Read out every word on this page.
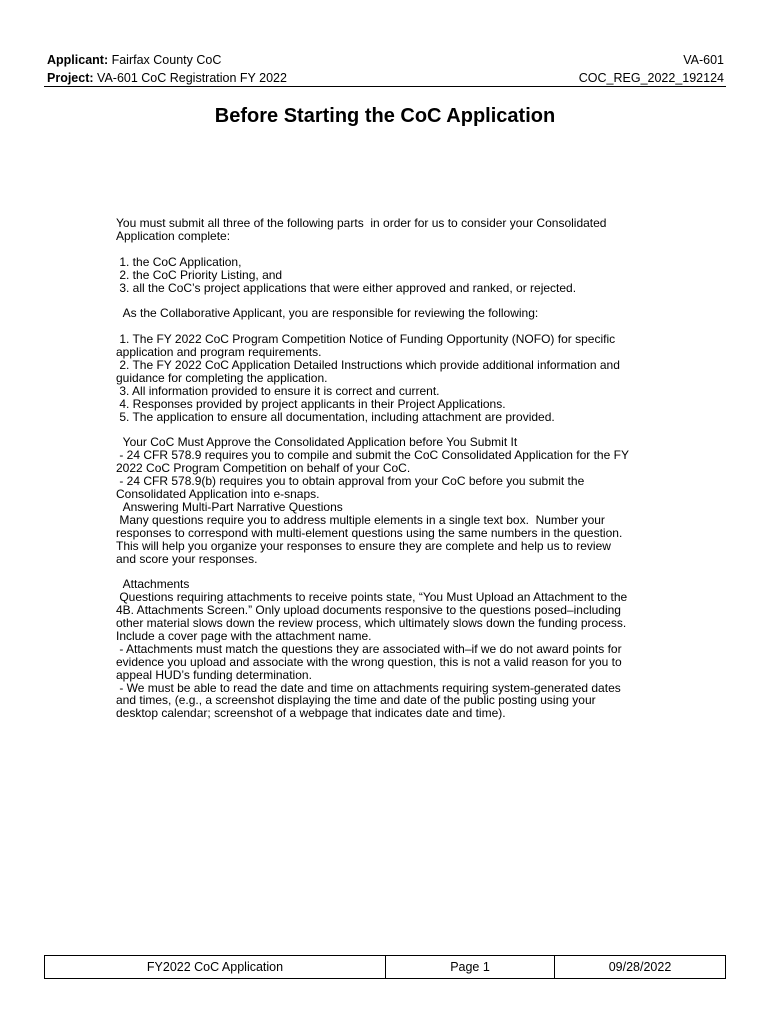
Applicant: Fairfax County CoC
Project: VA-601 CoC Registration FY 2022
VA-601
COC_REG_2022_192124
Before Starting the CoC Application

You must submit all three of the following parts  in order for us to consider your Consolidated
Application complete:

1. the CoC Application,
2. the CoC Priority Listing, and
3. all the CoC’s project applications that were either approved and ranked, or rejected.

As the Collaborative Applicant, you are responsible for reviewing the following:

1. The FY 2022 CoC Program Competition Notice of Funding Opportunity (NOFO) for specific
application and program requirements.
2. The FY 2022 CoC Application Detailed Instructions which provide additional information and
guidance for completing the application.
3. All information provided to ensure it is correct and current.
4. Responses provided by project applicants in their Project Applications.
5. The application to ensure all documentation, including attachment are provided.

Your CoC Must Approve the Consolidated Application before You Submit It
- 24 CFR 578.9 requires you to compile and submit the CoC Consolidated Application for the FY
2022 CoC Program Competition on behalf of your CoC.
- 24 CFR 578.9(b) requires you to obtain approval from your CoC before you submit the
Consolidated Application into e-snaps.
Answering Multi-Part Narrative Questions
Many questions require you to address multiple elements in a single text box.  Number your
responses to correspond with multi-element questions using the same numbers in the question.
This will help you organize your responses to ensure they are complete and help us to review
and score your responses.

Attachments
Questions requiring attachments to receive points state, “You Must Upload an Attachment to the
4B. Attachments Screen.” Only upload documents responsive to the questions posed–including
other material slows down the review process, which ultimately slows down the funding process.
Include a cover page with the attachment name.
- Attachments must match the questions they are associated with–if we do not award points for
evidence you upload and associate with the wrong question, this is not a valid reason for you to
appeal HUD’s funding determination.
- We must be able to read the date and time on attachments requiring system-generated dates
and times, (e.g., a screenshot displaying the time and date of the public posting using your
desktop calendar; screenshot of a webpage that indicates date and time).

FY2022 CoC Application	Page 1	09/28/2022
